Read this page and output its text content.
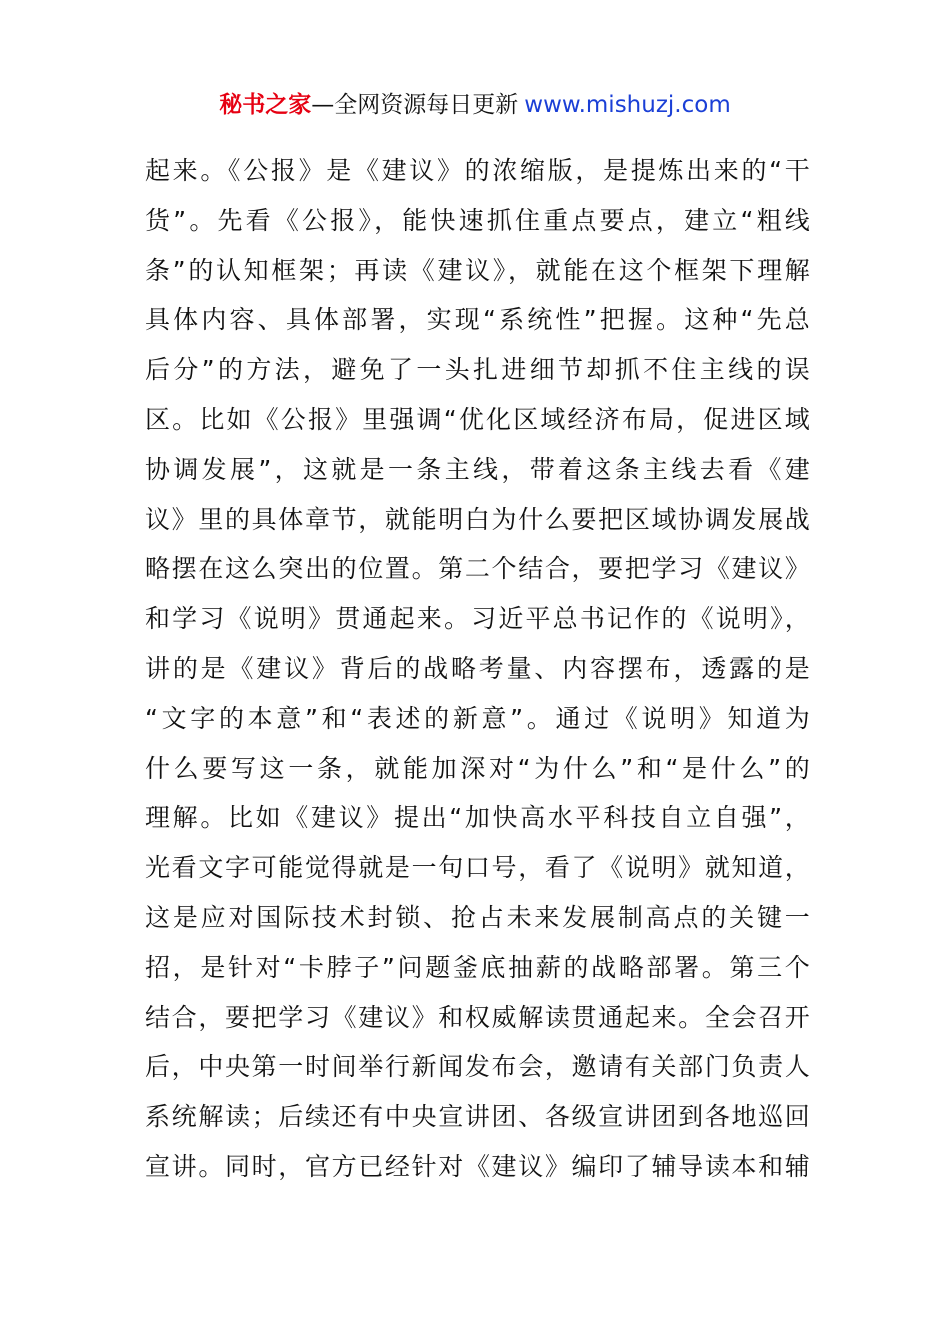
秘书之家—全网资源每日更新 www.mishuzj.com
起来。《公报》是《建议》的浓缩版，是提炼出来的“干
货”。先看《公报》，能快速抓住重点要点，建立“粗线
条”的认知框架；再读《建议》，就能在这个框架下理解
具体内容、具体部署，实现“系统性”把握。这种“先总
后分”的方法，避免了一头扎进细节却抓不住主线的误
区。比如《公报》里强调“优化区域经济布局，促进区域
协调发展”，这就是一条主线，带着这条主线去看《建
议》里的具体章节，就能明白为什么要把区域协调发展战
略摆在这么突出的位置。第二个结合，要把学习《建议》
和学习《说明》贯通起来。习近平总书记作的《说明》，
讲的是《建议》背后的战略考量、内容摆布，透露的是
“文字的本意”和“表述的新意”。通过《说明》知道为
什么要写这一条，就能加深对“为什么”和“是什么”的
理解。比如《建议》提出“加快高水平科技自立自强”，
光看文字可能觉得就是一句口号，看了《说明》就知道，
这是应对国际技术封锁、抢占未来发展制高点的关键一
招，是针对“卡脖子”问题釜底抽薪的战略部署。第三个
结合，要把学习《建议》和权威解读贯通起来。全会召开
后，中央第一时间举行新闻发布会，邀请有关部门负责人
系统解读；后续还有中央宣讲团、各级宣讲团到各地巡回
宣讲。同时，官方已经针对《建议》编印了辅导读本和辅
